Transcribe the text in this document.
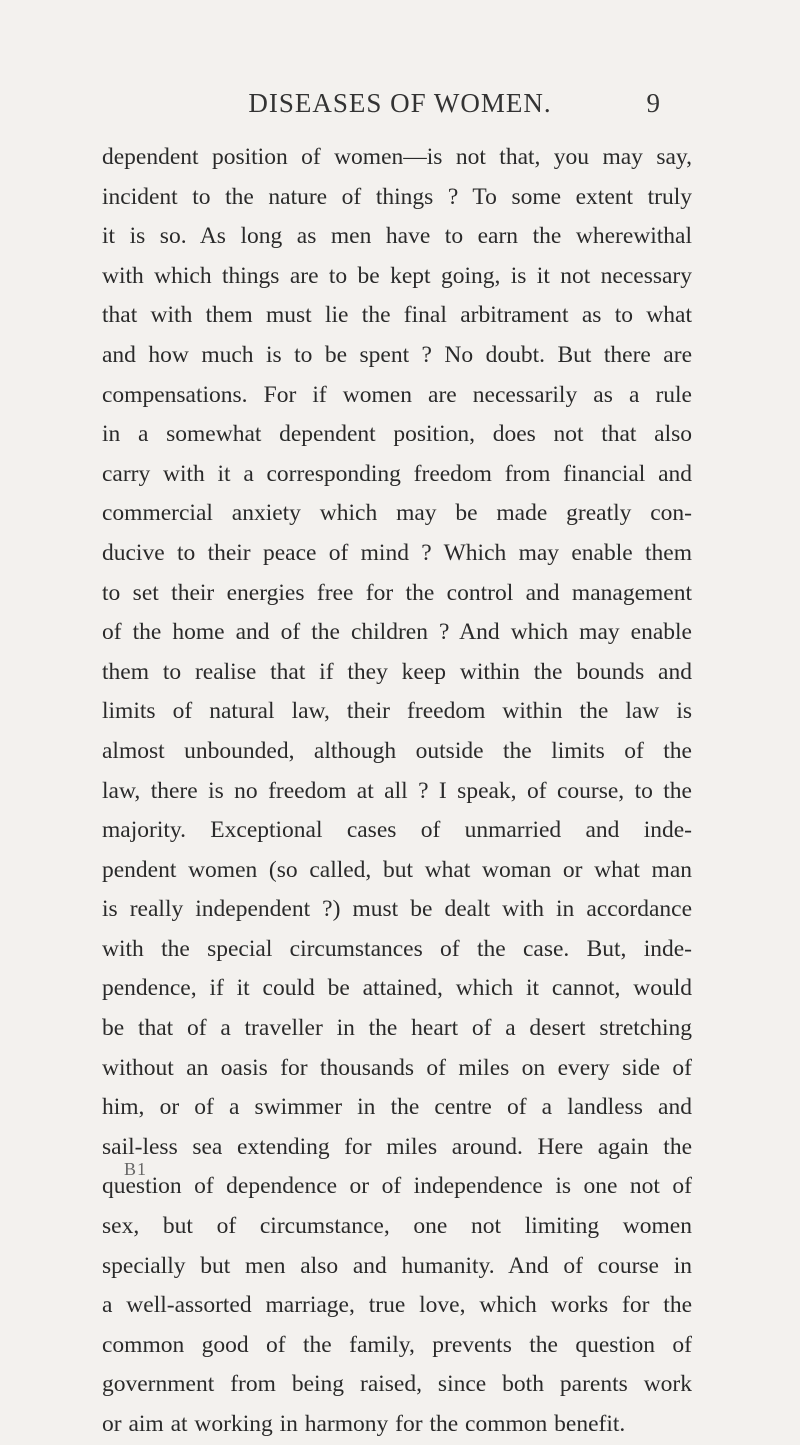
DISEASES OF WOMEN.	9
dependent position of women—is not that, you may say,
incident to the nature of things ? To some extent truly
it is so. As long as men have to earn the wherewithal
with which things are to be kept going, is it not necessary
that with them must lie the final arbitrament as to what
and how much is to be spent ? No doubt. But there are
compensations. For if women are necessarily as a rule
in a somewhat dependent position, does not that also
carry with it a corresponding freedom from financial and
commercial anxiety which may be made greatly con-
ducive to their peace of mind ? Which may enable them
to set their energies free for the control and management
of the home and of the children ? And which may enable
them to realise that if they keep within the bounds and
limits of natural law, their freedom within the law is
almost unbounded, although outside the limits of the
law, there is no freedom at all ? I speak, of course, to the
majority. Exceptional cases of unmarried and inde-
pendent women (so called, but what woman or what man
is really independent ?) must be dealt with in accordance
with the special circumstances of the case. But, inde-
pendence, if it could be attained, which it cannot, would
be that of a traveller in the heart of a desert stretching
without an oasis for thousands of miles on every side of
him, or of a swimmer in the centre of a landless and
sail-less sea extending for miles around. Here again the
question of dependence or of independence is one not of
sex, but of circumstance, one not limiting women
specially but men also and humanity. And of course in
a well-assorted marriage, true love, which works for the
common good of the family, prevents the question of
government from being raised, since both parents work
or aim at working in harmony for the common benefit.
B1
